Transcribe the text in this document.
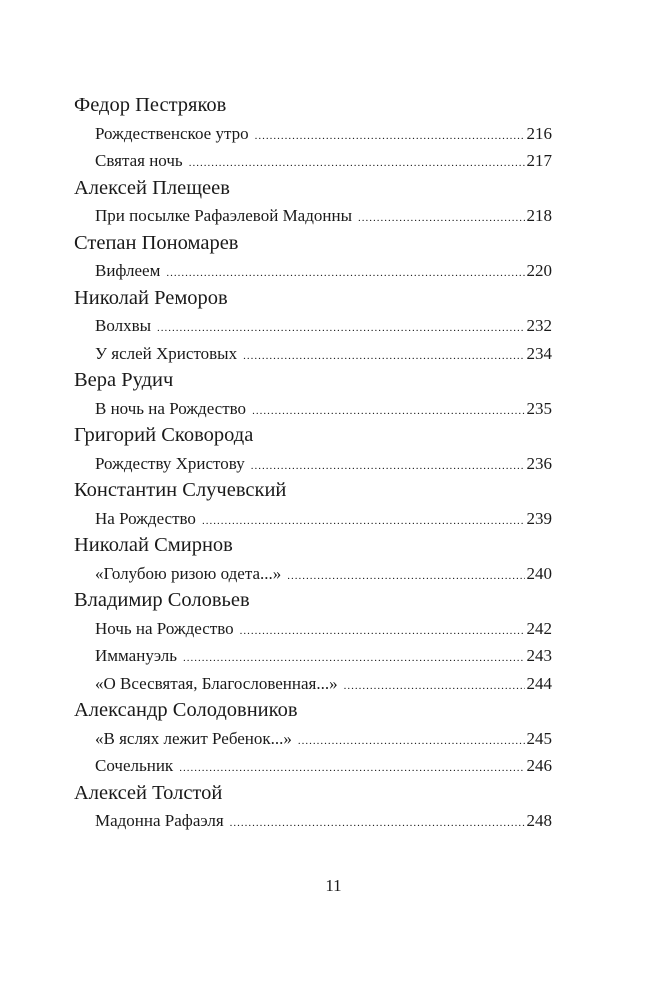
Федор Пестряков
Рождественское утро .....	216
Святая ночь .....	217
Алексей Плещеев
При посылке Рафаэлевой Мадонны .....	218
Степан Пономарев
Вифлеем .....	220
Николай Реморов
Волхвы .....	232
У яслей Христовых .....	234
Вера Рудич
В ночь на Рождество .....	235
Григорий Сковорода
Рождеству Христову .....	236
Константин Случевский
На Рождество .....	239
Николай Смирнов
«Голубою ризою одета...» .....	240
Владимир Соловьев
Ночь на Рождество .....	242
Иммануэль .....	243
«О Всесвятая, Благословенная...» .....	244
Александр Солодовников
«В яслях лежит Ребенок...» .....	245
Сочельник .....	246
Алексей Толстой
Мадонна Рафаэля .....	248
11
